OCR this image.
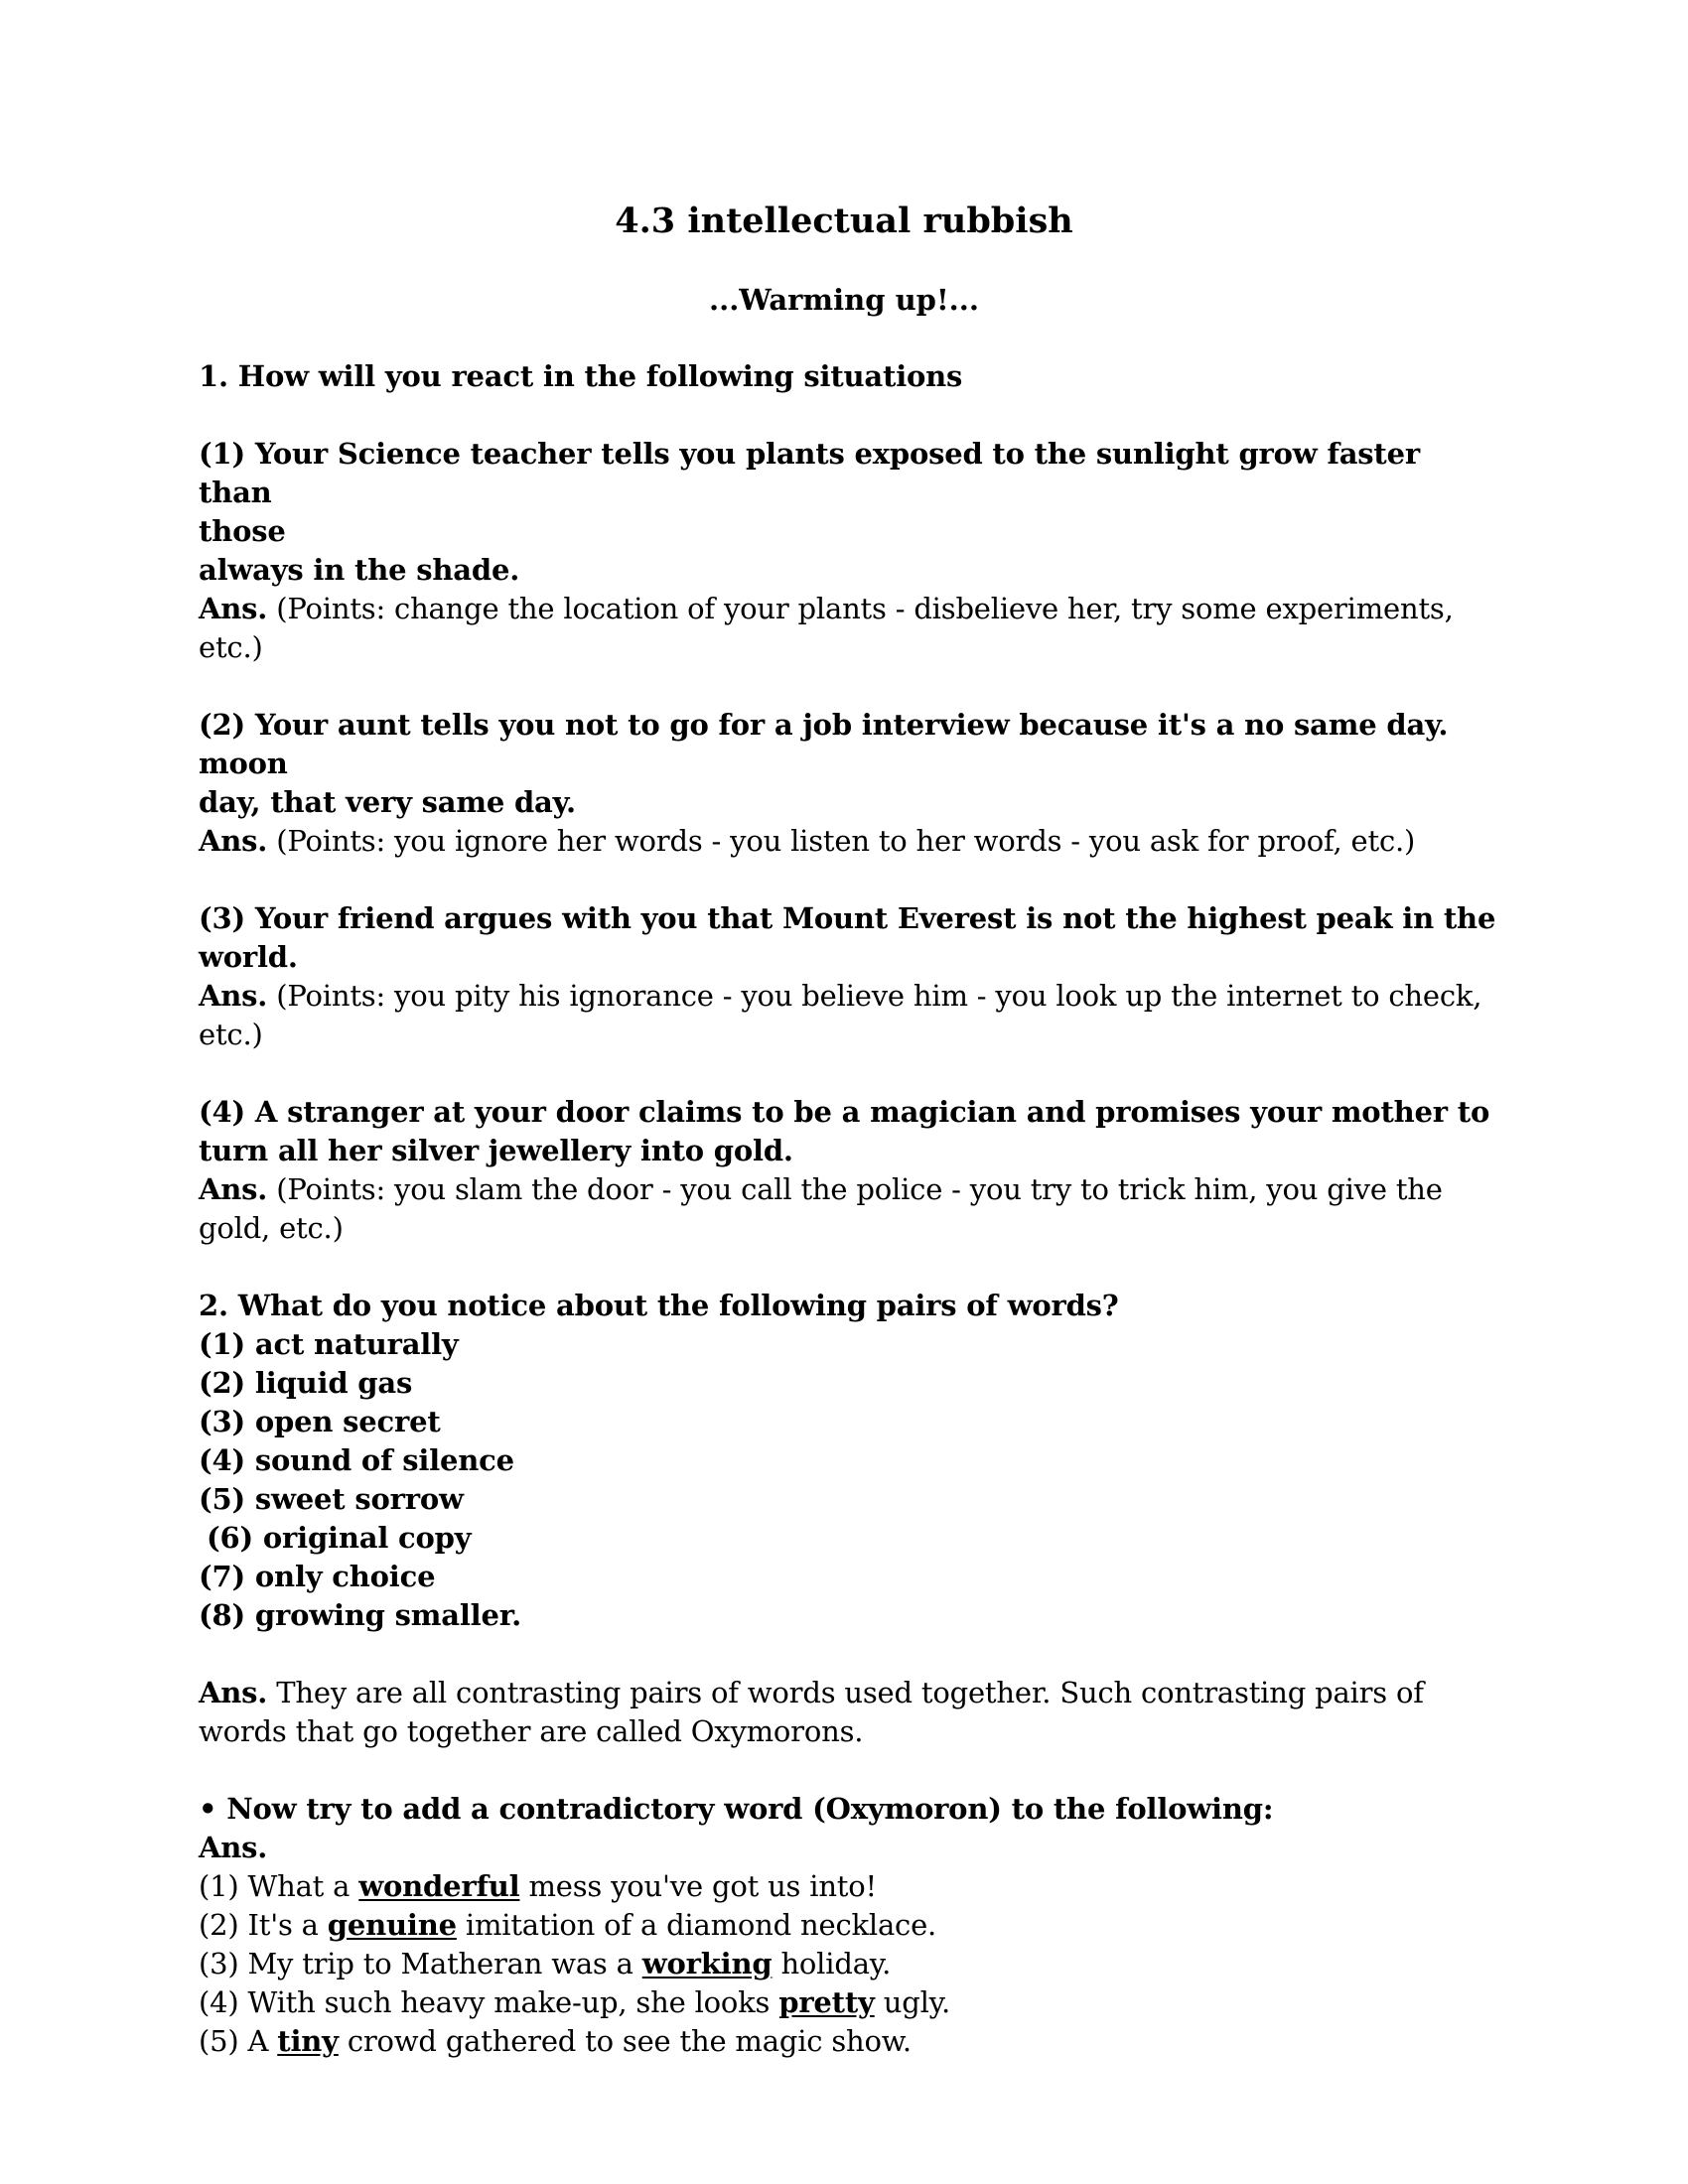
4.3 intellectual rubbish
...Warming up!...

1. How will you react in the following situations

(1) Your Science teacher tells you plants exposed to the sunlight grow faster than

those

always in the shade.

Ans. (Points: change the location of your plants - disbelieve her, try some experiments, etc.)

(2) Your aunt tells you not to go for a job interview because it's a no same day. moon

day, that very same day.

Ans. (Points: you ignore her words - you listen to her words - you ask for proof, etc.)

(3) Your friend argues with you that Mount Everest is not the highest peak in the

world.

Ans. (Points: you pity his ignorance - you believe him - you look up the internet to check, etc.)

(4) A stranger at your door claims to be a magician and promises your mother to

turn all her silver jewellery into gold.

Ans. (Points: you slam the door - you call the police - you try to trick him, you give the gold, etc.)

2. What do you notice about the following pairs of words?

(1) act naturally

(2) liquid gas

(3) open secret

(4) sound of silence

(5) sweet sorrow

(6) original copy

(7) only choice

(8) growing smaller.

Ans. They are all contrasting pairs of words used together. Such contrasting pairs of words that go together are called Oxymorons.

• Now try to add a contradictory word (Oxymoron) to the following:

Ans.

(1) What a wonderful mess you've got us into!

(2) It's a genuine imitation of a diamond necklace.

(3) My trip to Matheran was a working holiday.

(4) With such heavy make-up, she looks pretty ugly.

(5) A tiny crowd gathered to see the magic show.
